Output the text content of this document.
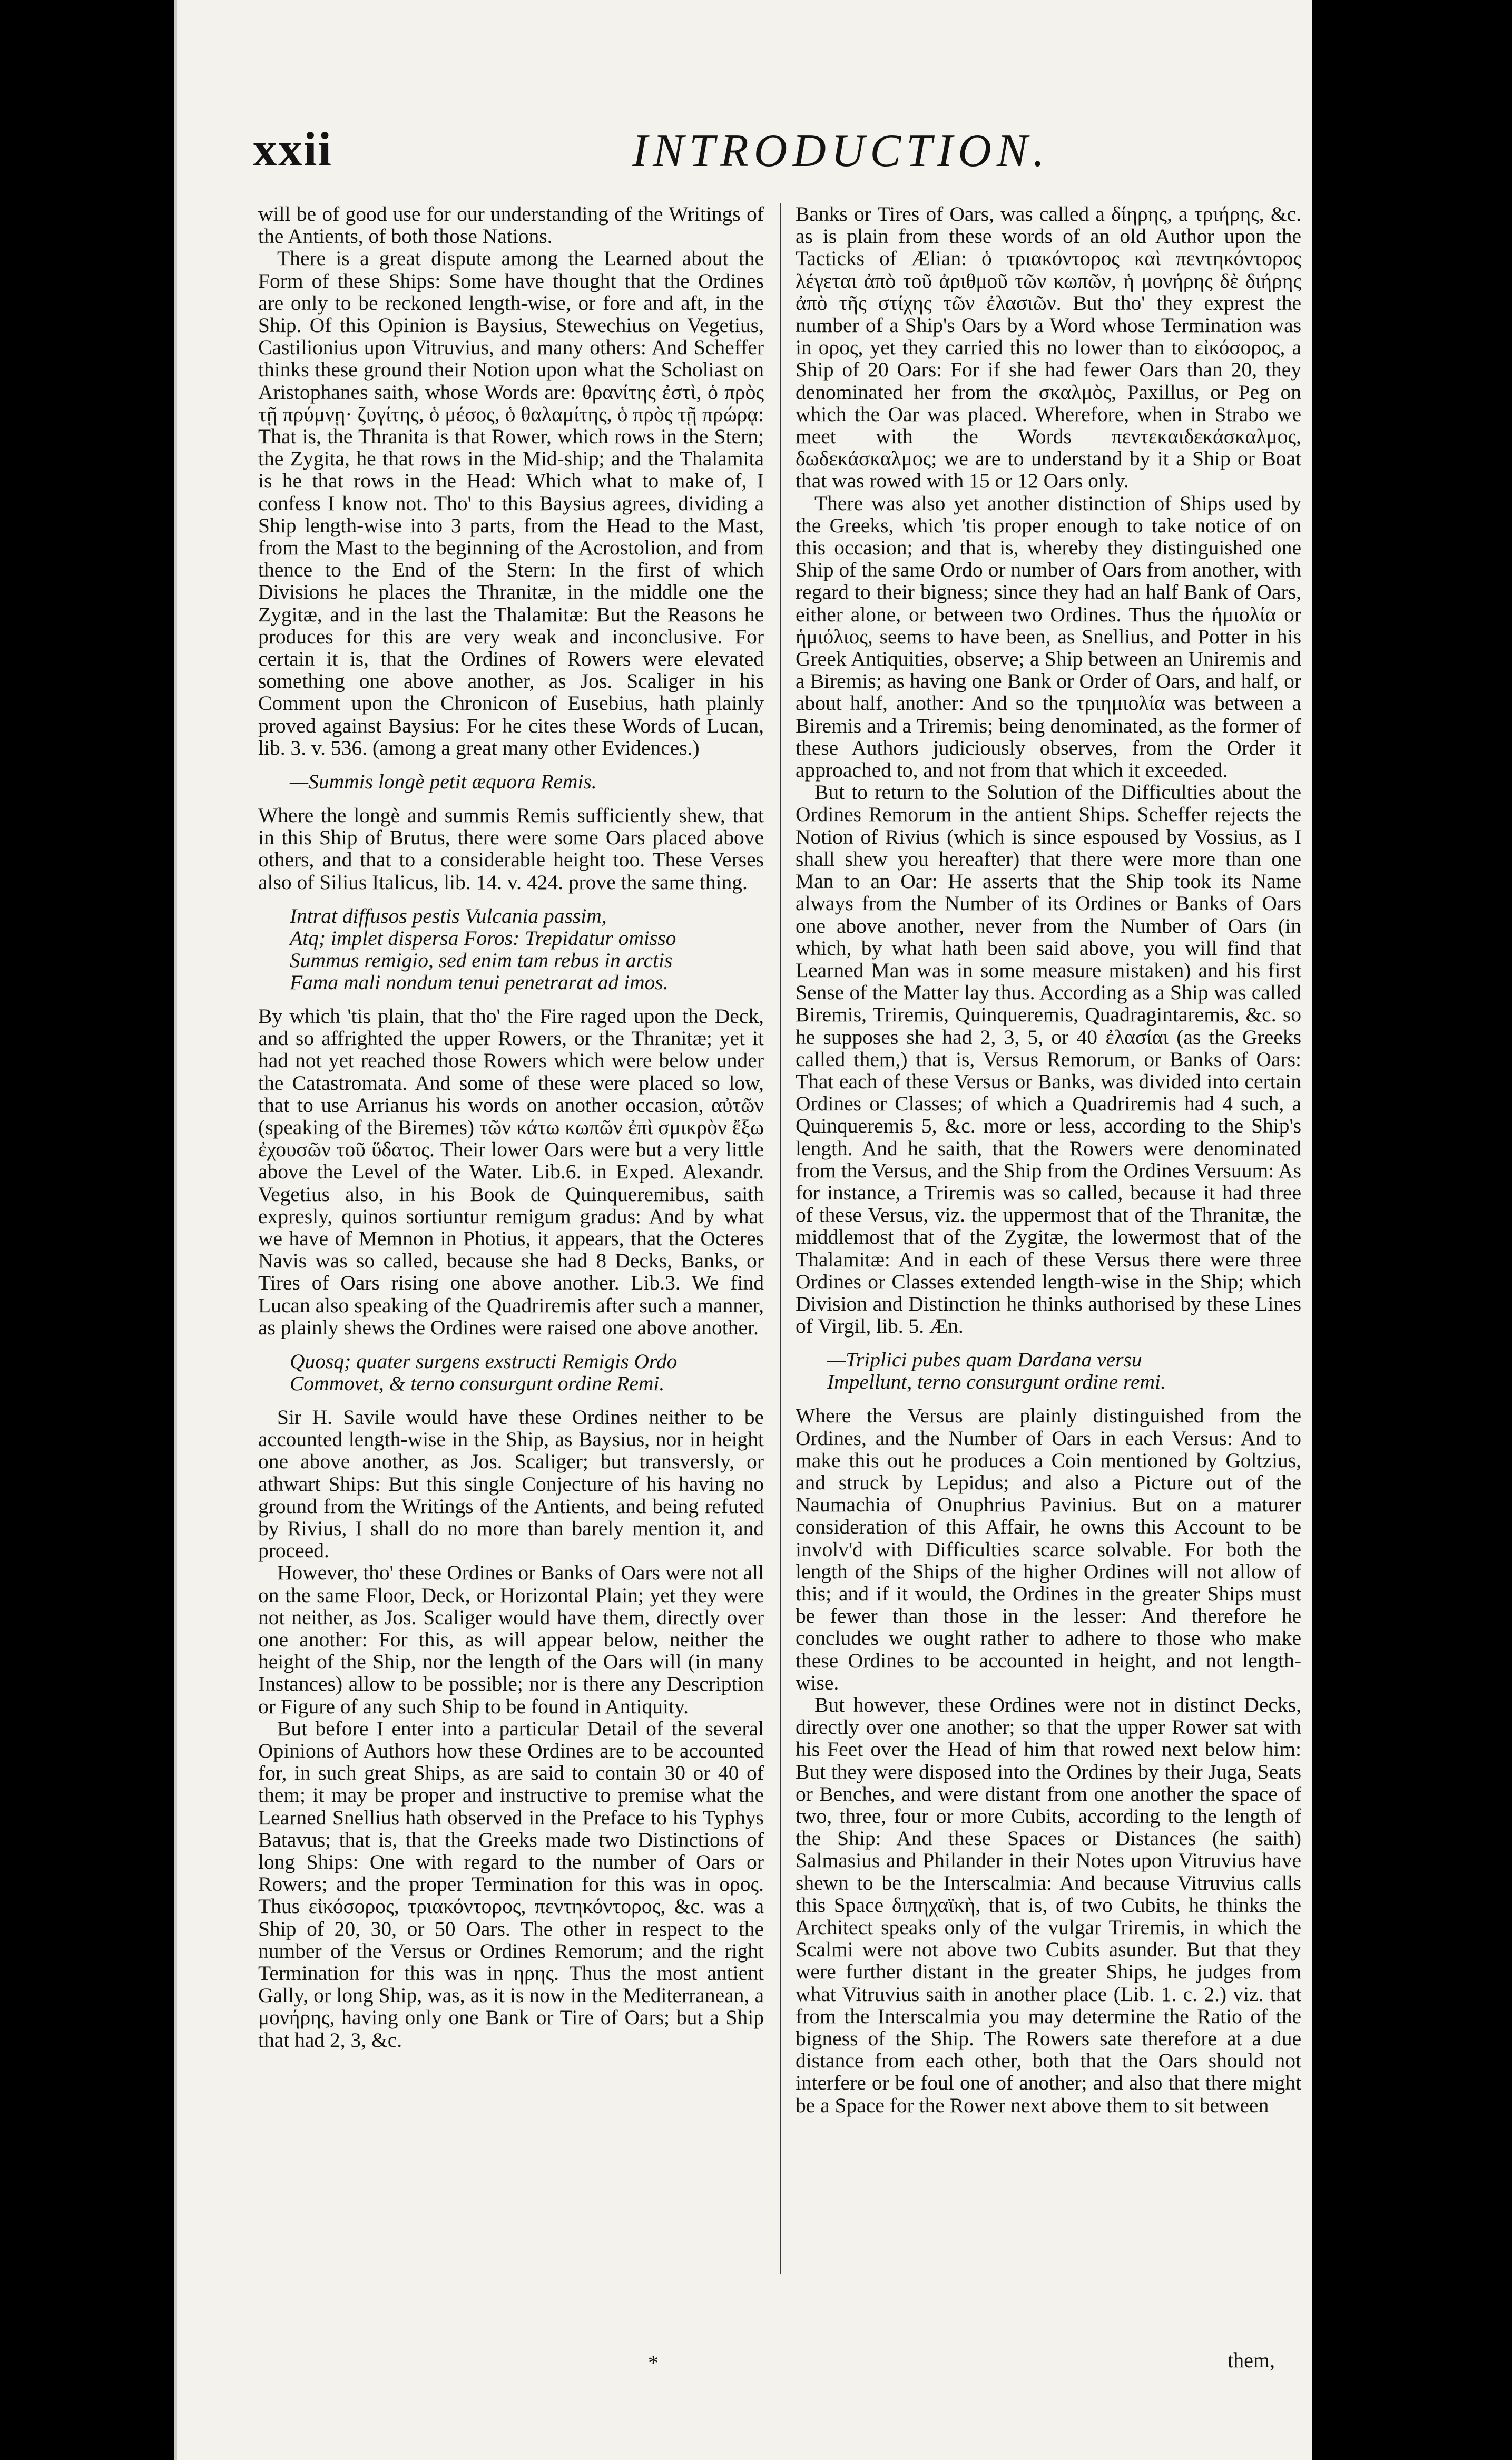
xxii	INTRODUCTION.

will be of good use for our understanding of the Writings of the Antients, of both those Nations.

There is a great dispute among the Learned about the Form of these Ships: Some have thought that the Ordines are only to be reckoned length-wise, or fore and aft, in the Ship. Of this Opinion is Baysius, Stewechius on Vegetius, Castilionius upon Vitruvius, and many others: And Scheffer thinks these ground their Notion upon what the Scholiast on Aristophanes saith, whose Words are: θρανίτης ἐστὶ, ὁ πρὸς τῇ πρύμνῃ· ζυγίτης, ὁ μέσος, ὁ θαλαμίτης, ὁ πρὸς τῇ πρώρᾳ: That is, the Thranita is that Rower, which rows in the Stern; the Zygita, he that rows in the Mid-ship; and the Thalamita is he that rows in the Head: Which what to make of, I confess I know not. Tho' to this Baysius agrees, dividing a Ship length-wise into 3 parts, from the Head to the Mast, from the Mast to the beginning of the Acrostolion, and from thence to the End of the Stern: In the first of which Divisions he places the Thranitæ, in the middle one the Zygitæ, and in the last the Thalamitæ: But the Reasons he produces for this are very weak and inconclusive. For certain it is, that the Ordines of Rowers were elevated something one above another, as Jos. Scaliger in his Comment upon the Chronicon of Eusebius, hath plainly proved against Baysius: For he cites these Words of Lucan, lib. 3. v. 536. (among a great many other Evidences.)

—Summis longè petit æquora Remis.

Where the longè and summis Remis sufficiently shew, that in this Ship of Brutus, there were some Oars placed above others, and that to a considerable height too. These Verses also of Silius Italicus, lib. 14. v. 424. prove the same thing.

Intrat diffusos pestis Vulcania passim,
Atq; implet dispersa Foros: Trepidatur omisso
Summus remigio, sed enim tam rebus in arctis
Fama mali nondum tenui penetrarat ad imos.

By which 'tis plain, that tho' the Fire raged upon the Deck, and so affrighted the upper Rowers, or the Thranitæ; yet it had not yet reached those Rowers which were below under the Catastromata. And some of these were placed so low, that to use Arrianus his words on another occasion, αὐτῶν (speaking of the Biremes) τῶν κάτω κωπῶν ἐπὶ σμικρὸν ἔξω ἐχουσῶν τοῦ ὕδατος. Their lower Oars were but a very little above the Level of the Water. Lib.6. in Exped. Alexandr. Vegetius also, in his Book de Quinqueremibus, saith expresly, quinos sortiuntur remigum gradus: And by what we have of Memnon in Photius, it appears, that the Octeres Navis was so called, because she had 8 Decks, Banks, or Tires of Oars rising one above another. Lib.3. We find Lucan also speaking of the Quadriremis after such a manner, as plainly shews the Ordines were raised one above another.

Quosq; quater surgens exstructi Remigis Ordo
Commovet, & terno consurgunt ordine Remi.

Sir H. Savile would have these Ordines neither to be accounted length-wise in the Ship, as Baysius, nor in height one above another, as Jos. Scaliger; but transversly, or athwart Ships: But this single Conjecture of his having no ground from the Writings of the Antients, and being refuted by Rivius, I shall do no more than barely mention it, and proceed.

However, tho' these Ordines or Banks of Oars were not all on the same Floor, Deck, or Horizontal Plain; yet they were not neither, as Jos. Scaliger would have them, directly over one another: For this, as will appear below, neither the height of the Ship, nor the length of the Oars will (in many Instances) allow to be possible; nor is there any Description or Figure of any such Ship to be found in Antiquity.

But before I enter into a particular Detail of the several Opinions of Authors how these Ordines are to be accounted for, in such great Ships, as are said to contain 30 or 40 of them; it may be proper and instructive to premise what the Learned Snellius hath observed in the Preface to his Typhys Batavus; that is, that the Greeks made two Distinctions of long Ships: One with regard to the number of Oars or Rowers; and the proper Termination for this was in ορος. Thus εἰκόσορος, τριακόντορος, πεντηκόντορος, &c. was a Ship of 20, 30, or 50 Oars. The other in respect to the number of the Versus or Ordines Remorum; and the right Termination for this was in ηρης. Thus the most antient Gally, or long Ship, was, as it is now in the Mediterranean, a μονήρης, having only one Bank or Tire of Oars; but a Ship that had 2, 3, &c.

Banks or Tires of Oars, was called a δίηρης, a τριήρης, &c. as is plain from these words of an old Author upon the Tacticks of Ælian: ὁ τριακόντορος καὶ πεντηκόντορος λέγεται ἀπὸ τοῦ ἀριθμοῦ τῶν κωπῶν, ἡ μονήρης δὲ διήρης ἀπὸ τῆς στίχης τῶν ἐλασιῶν. But tho' they exprest the number of a Ship's Oars by a Word whose Termination was in ορος, yet they carried this no lower than to εἰκόσορος, a Ship of 20 Oars: For if she had fewer Oars than 20, they denominated her from the σκαλμὸς, Paxillus, or Peg on which the Oar was placed. Wherefore, when in Strabo we meet with the Words πεντεκαιδεκάσκαλμος, δωδεκάσκαλμος; we are to understand by it a Ship or Boat that was rowed with 15 or 12 Oars only.

There was also yet another distinction of Ships used by the Greeks, which 'tis proper enough to take notice of on this occasion; and that is, whereby they distinguished one Ship of the same Ordo or number of Oars from another, with regard to their bigness; since they had an half Bank of Oars, either alone, or between two Ordines. Thus the ἡμιολία or ἡμιόλιος, seems to have been, as Snellius, and Potter in his Greek Antiquities, observe; a Ship between an Uniremis and a Biremis; as having one Bank or Order of Oars, and half, or about half, another: And so the τριημιολία was between a Biremis and a Triremis; being denominated, as the former of these Authors judiciously observes, from the Order it approached to, and not from that which it exceeded.

But to return to the Solution of the Difficulties about the Ordines Remorum in the antient Ships. Scheffer rejects the Notion of Rivius (which is since espoused by Vossius, as I shall shew you hereafter) that there were more than one Man to an Oar: He asserts that the Ship took its Name always from the Number of its Ordines or Banks of Oars one above another, never from the Number of Oars (in which, by what hath been said above, you will find that Learned Man was in some measure mistaken) and his first Sense of the Matter lay thus. According as a Ship was called Biremis, Triremis, Quinqueremis, Quadragintaremis, &c. so he supposes she had 2, 3, 5, or 40 ἐλασίαι (as the Greeks called them,) that is, Versus Remorum, or Banks of Oars: That each of these Versus or Banks, was divided into certain Ordines or Classes; of which a Quadriremis had 4 such, a Quinqueremis 5, &c. more or less, according to the Ship's length. And he saith, that the Rowers were denominated from the Versus, and the Ship from the Ordines Versuum: As for instance, a Triremis was so called, because it had three of these Versus, viz. the uppermost that of the Thranitæ, the middlemost that of the Zygitæ, the lowermost that of the Thalamitæ: And in each of these Versus there were three Ordines or Classes extended length-wise in the Ship; which Division and Distinction he thinks authorised by these Lines of Virgil, lib. 5. Æn.

—Triplici pubes quam Dardana versu
Impellunt, terno consurgunt ordine remi.

Where the Versus are plainly distinguished from the Ordines, and the Number of Oars in each Versus: And to make this out he produces a Coin mentioned by Goltzius, and struck by Lepidus; and also a Picture out of the Naumachia of Onuphrius Pavinius. But on a maturer consideration of this Affair, he owns this Account to be involv'd with Difficulties scarce solvable. For both the length of the Ships of the higher Ordines will not allow of this; and if it would, the Ordines in the greater Ships must be fewer than those in the lesser: And therefore he concludes we ought rather to adhere to those who make these Ordines to be accounted in height, and not length-wise.

But however, these Ordines were not in distinct Decks, directly over one another; so that the upper Rower sat with his Feet over the Head of him that rowed next below him: But they were disposed into the Ordines by their Juga, Seats or Benches, and were distant from one another the space of two, three, four or more Cubits, according to the length of the Ship: And these Spaces or Distances (he saith) Salmasius and Philander in their Notes upon Vitruvius have shewn to be the Interscalmia: And because Vitruvius calls this Space διπηχαϊκὴ, that is, of two Cubits, he thinks the Architect speaks only of the vulgar Triremis, in which the Scalmi were not above two Cubits asunder. But that they were further distant in the greater Ships, he judges from what Vitruvius saith in another place (Lib. 1. c. 2.) viz. that from the Interscalmia you may determine the Ratio of the bigness of the Ship. The Rowers sate therefore at a due distance from each other, both that the Oars should not interfere or be foul one of another; and also that there might be a Space for the Rower next above them to sit between

*	them,
